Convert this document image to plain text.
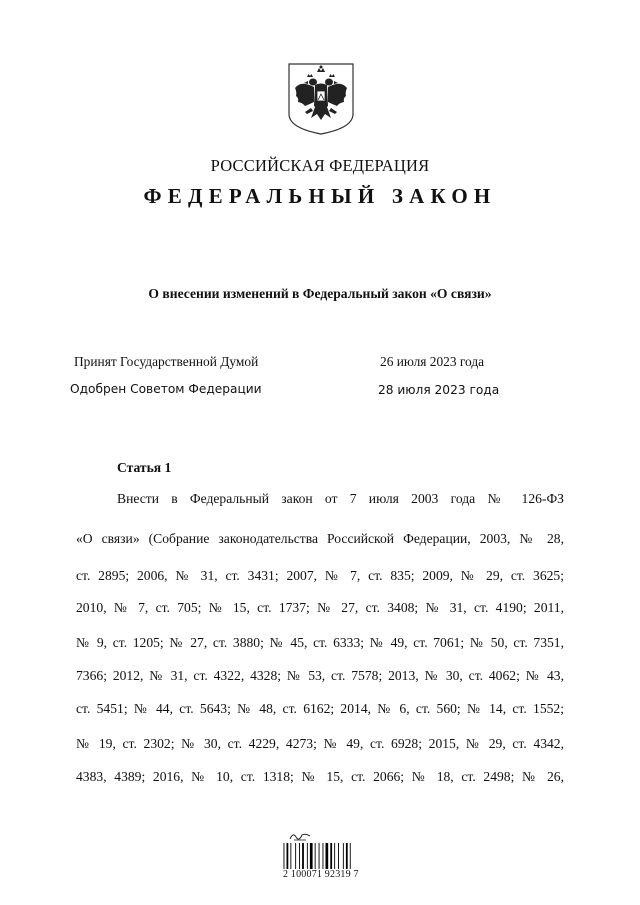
РОССИЙСКАЯ ФЕДЕРАЦИЯ
ФЕДЕРАЛЬНЫЙ ЗАКОН
О внесении изменений в Федеральный закон «О связи»
Принят Государственной Думой	26 июля 2023 года
Одобрен Советом Федерации	28 июля 2023 года
Статья 1
Внести в Федеральный закон от 7 июля 2003 года № 126-ФЗ
«О связи» (Собрание законодательства Российской Федерации, 2003, № 28,
ст. 2895; 2006, № 31, ст. 3431; 2007, № 7, ст. 835; 2009, № 29, ст. 3625;
2010, № 7, ст. 705; № 15, ст. 1737; № 27, ст. 3408; № 31, ст. 4190; 2011,
№ 9, ст. 1205; № 27, ст. 3880; № 45, ст. 6333; № 49, ст. 7061; № 50, ст. 7351,
7366; 2012, № 31, ст. 4322, 4328; № 53, ст. 7578; 2013, № 30, ст. 4062; № 43,
ст. 5451; № 44, ст. 5643; № 48, ст. 6162; 2014, № 6, ст. 560; № 14, ст. 1552;
№ 19, ст. 2302; № 30, ст. 4229, 4273; № 49, ст. 6928; 2015, № 29, ст. 4342,
4383, 4389; 2016, № 10, ст. 1318; № 15, ст. 2066; № 18, ст. 2498; № 26,
2 100071 92319 7
